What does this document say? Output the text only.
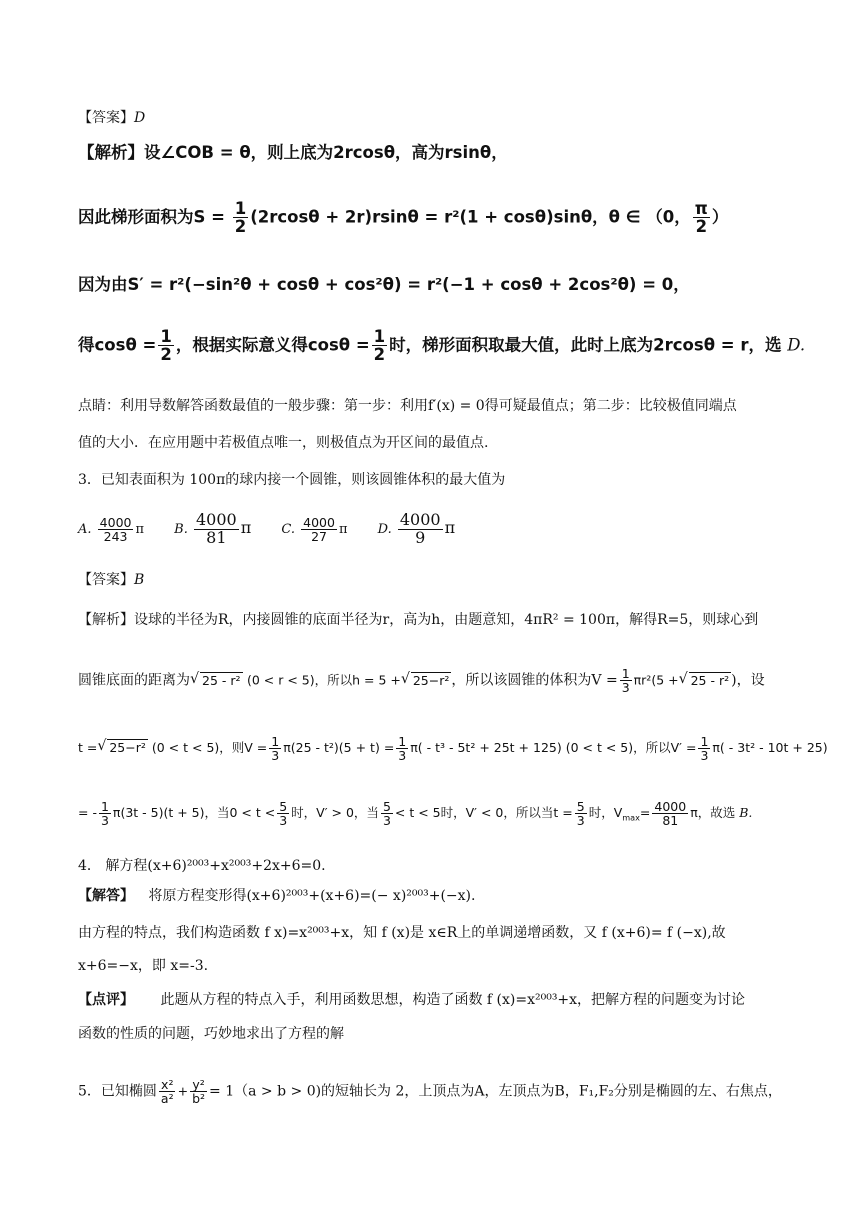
【答案】D
【解析】设∠COB = θ，则上底为2rcosθ，高为rsinθ，
因此梯形面积为$S = \frac{1}{2} (2rcos\theta + 2r)rsin\theta = r^2(1 + \cos\theta)\sin\theta$，θ ∈ （0， $\frac{\pi}{2}$ ）
因为由S′ = r²(−sin²θ + cosθ + cos²θ) = r²(−1 + cosθ + 2cos²θ) = 0，
得$\cos\theta = \frac{1}{2}$ ，根据实际意义得$\cos\theta = \frac{1}{2}$ 时，梯形面积取最大值，此时上底为2rcosθ = r，选 D.
点睛：利用导数解答函数最值的一般步骤：第一步：利用f′(x) = 0得可疑最值点；第二步：比较极值同端点
值的大小．在应用题中若极值点唯一，则极值点为开区间的最值点.
3．已知表面积为 100π的球内接一个圆锥，则该圆锥体积的最大值为
A. $\frac{4000}{243}$ π B. $\frac{4000}{81}$ π C. $\frac{4000}{27}$ π D. $\frac{4000}{9}$ π
【答案】B
【解析】设球的半径为R，内接圆锥的底面半径为r，高为h，由题意知，4πR² = 100π，解得R=5，则球心到
圆锥底面的距离为 √ 25 - r² (0 < r < 5)，所以h = 5 + √ 25−r² ，所以该圆锥的体积为$V = \frac{1}{3} \pi r^2(5$ + √ 25 - r² )，设
t = √ 25−r² (0 < t < 5)，则$V = \frac{1}{3} \pi(25 - t^2)(5 + t) = \frac{1}{3} \pi( - t^3 - 5t^2 + 25t + 125) (0 < t < 5)$，所以$V' = \frac{1}{3} \pi( - 3t^2 - 10t + 25)$
= - $\frac{1}{3} \pi(3t - 5)(t + 5)$，当$0 < t < \frac{5}{3}$ 时，V′ > 0，当 $\frac{5}{3} < t < 5$时，V′ < 0，所以当$t = \frac{5}{3}$ 时，$V_{max}= \frac{4000}{81}$ π，故选 B.
4． 解方程(x+6)²⁰⁰³+x²⁰⁰³+2x+6=0.
【解答】 将原方程变形得(x+6)²⁰⁰³+(x+6)=(− x)²⁰⁰³+(−x).
由方程的特点，我们构造函数 f x)=x²⁰⁰³+x，知 f (x)是 x∈R上的单调递增函数，又 f (x+6)= f (−x),故
x+6=−x，即 x=-3.
【点评】 此题从方程的特点入手，利用函数思想，构造了函数 f (x)=x²⁰⁰³+x，把解方程的问题变为讨论
函数的性质的问题，巧妙地求出了方程的解
5．已知椭圆 $\frac{\text{x²}}{\text{a²}} + \frac{\text{y²}}{\text{b²}} = 1(a > b > 0)$的短轴长为 2，上顶点为A，左顶点为B，F₁,F₂分别是椭圆的左、右焦点，
